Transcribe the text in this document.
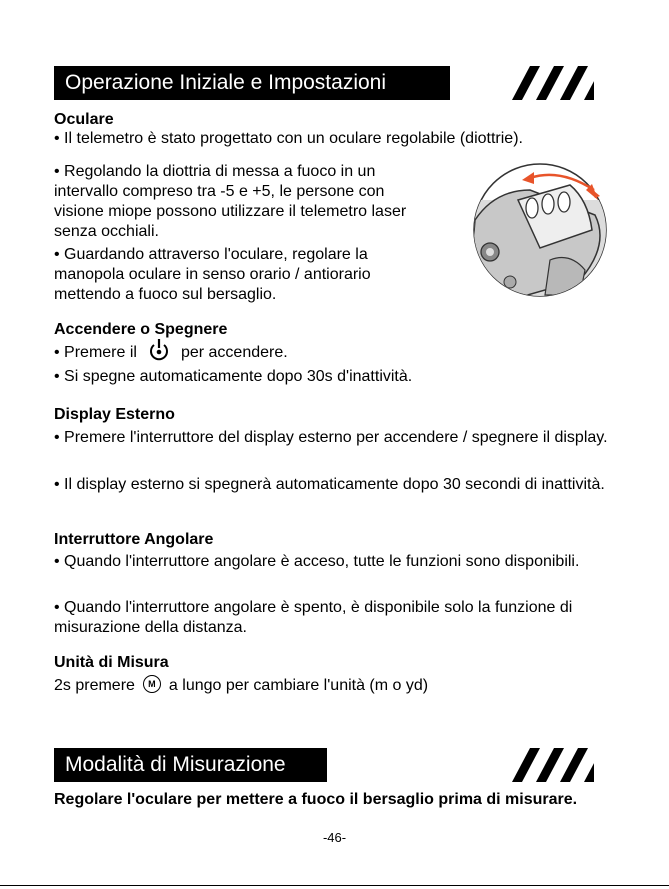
Operazione Iniziale e Impostazioni
Oculare
• Il telemetro è stato progettato con un oculare regolabile (diottrie).
• Regolando la diottria di messa a fuoco in un intervallo compreso tra -5 e +5, le persone con visione miope possono utilizzare il telemetro laser senza occhiali.
• Guardando attraverso l'oculare, regolare la manopola oculare in senso orario / antiorario mettendo a fuoco sul bersaglio.
Accendere o Spegnere
• Premere il	per accendere.
• Si spegne automaticamente dopo 30s d'inattività.
Display Esterno
• Premere l'interruttore del display esterno per accendere / spegnere il display.
• Il display esterno si spegnerà automaticamente dopo 30 secondi di inattività.
Interruttore Angolare
• Quando l'interruttore angolare è acceso, tutte le funzioni sono disponibili.
• Quando l'interruttore angolare è spento, è disponibile solo la funzione di misurazione della distanza.
Unità di Misura
2s premere M a lungo per cambiare l'unità (m o yd)
Modalità di Misurazione
Regolare l'oculare per mettere a fuoco il bersaglio prima di misurare.
-46-
